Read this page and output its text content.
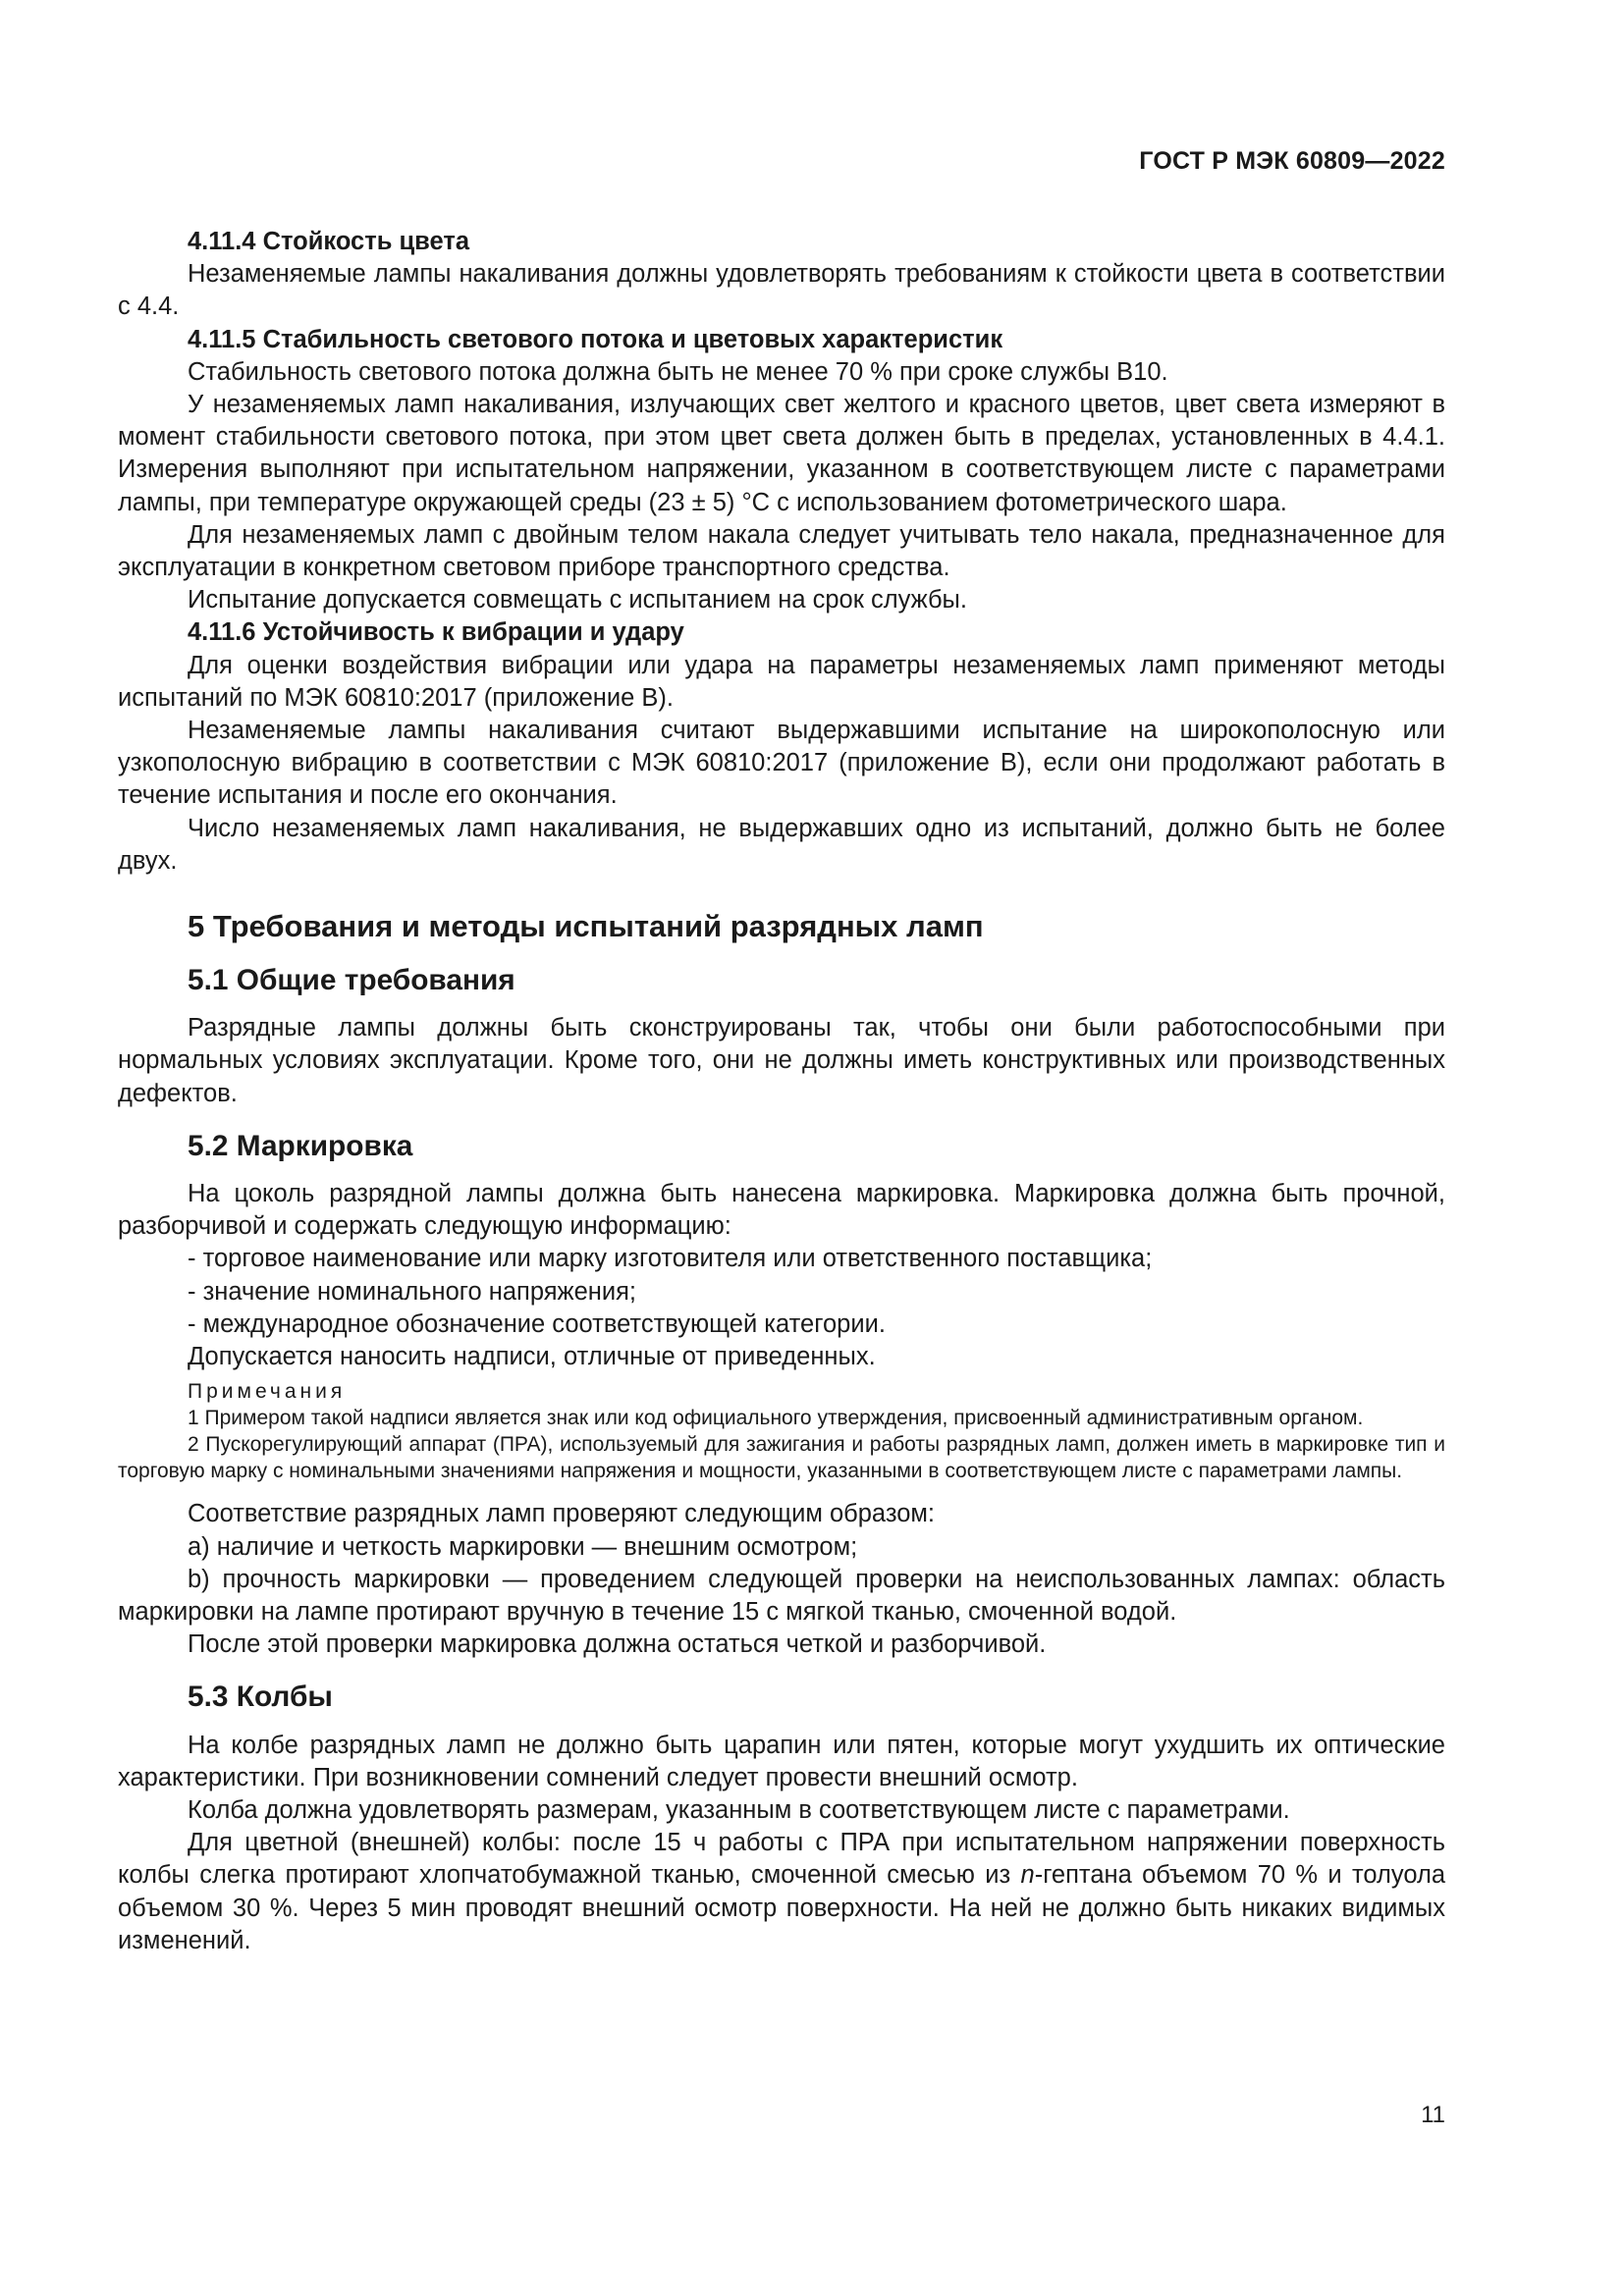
ГОСТ Р МЭК 60809—2022

4.11.4 Стойкость цвета

Незаменяемые лампы накаливания должны удовлетворять требованиям к стойкости цвета в соответствии с 4.4.

4.11.5 Стабильность светового потока и цветовых характеристик

Стабильность светового потока должна быть не менее 70 % при сроке службы В10.

У незаменяемых ламп накаливания, излучающих свет желтого и красного цветов, цвет света измеряют в момент стабильности светового потока, при этом цвет света должен быть в пределах, установленных в 4.4.1. Измерения выполняют при испытательном напряжении, указанном в соответствующем листе с параметрами лампы, при температуре окружающей среды (23 ± 5) °С с использованием фотометрического шара.

Для незаменяемых ламп с двойным телом накала следует учитывать тело накала, предназначенное для эксплуатации в конкретном световом приборе транспортного средства.

Испытание допускается совмещать с испытанием на срок службы.

4.11.6 Устойчивость к вибрации и удару

Для оценки воздействия вибрации или удара на параметры незаменяемых ламп применяют методы испытаний по МЭК 60810:2017 (приложение В).

Незаменяемые лампы накаливания считают выдержавшими испытание на широкополосную или узкополосную вибрацию в соответствии с МЭК 60810:2017 (приложение В), если они продолжают работать в течение испытания и после его окончания.

Число незаменяемых ламп накаливания, не выдержавших одно из испытаний, должно быть не более двух.

5 Требования и методы испытаний разрядных ламп
5.1 Общие требования

Разрядные лампы должны быть сконструированы так, чтобы они были работоспособными при нормальных условиях эксплуатации. Кроме того, они не должны иметь конструктивных или производственных дефектов.

5.2 Маркировка

На цоколь разрядной лампы должна быть нанесена маркировка. Маркировка должна быть прочной, разборчивой и содержать следующую информацию:

- торговое наименование или марку изготовителя или ответственного поставщика;

- значение номинального напряжения;

- международное обозначение соответствующей категории.

Допускается наносить надписи, отличные от приведенных.

Примечания

1 Примером такой надписи является знак или код официального утверждения, присвоенный административным органом.

2 Пускорегулирующий аппарат (ПРА), используемый для зажигания и работы разрядных ламп, должен иметь в маркировке тип и торговую марку с номинальными значениями напряжения и мощности, указанными в соответствующем листе с параметрами лампы.

Соответствие разрядных ламп проверяют следующим образом:

а) наличие и четкость маркировки — внешним осмотром;

b) прочность маркировки — проведением следующей проверки на неиспользованных лампах: область маркировки на лампе протирают вручную в течение 15 с мягкой тканью, смоченной водой.

После этой проверки маркировка должна остаться четкой и разборчивой.

5.3 Колбы

На колбе разрядных ламп не должно быть царапин или пятен, которые могут ухудшить их оптические характеристики. При возникновении сомнений следует провести внешний осмотр.

Колба должна удовлетворять размерам, указанным в соответствующем листе с параметрами.

Для цветной (внешней) колбы: после 15 ч работы с ПРА при испытательном напряжении поверхность колбы слегка протирают хлопчатобумажной тканью, смоченной смесью из n-гептана объемом 70 % и толуола объемом 30 %. Через 5 мин проводят внешний осмотр поверхности. На ней не должно быть никаких видимых изменений.

11
